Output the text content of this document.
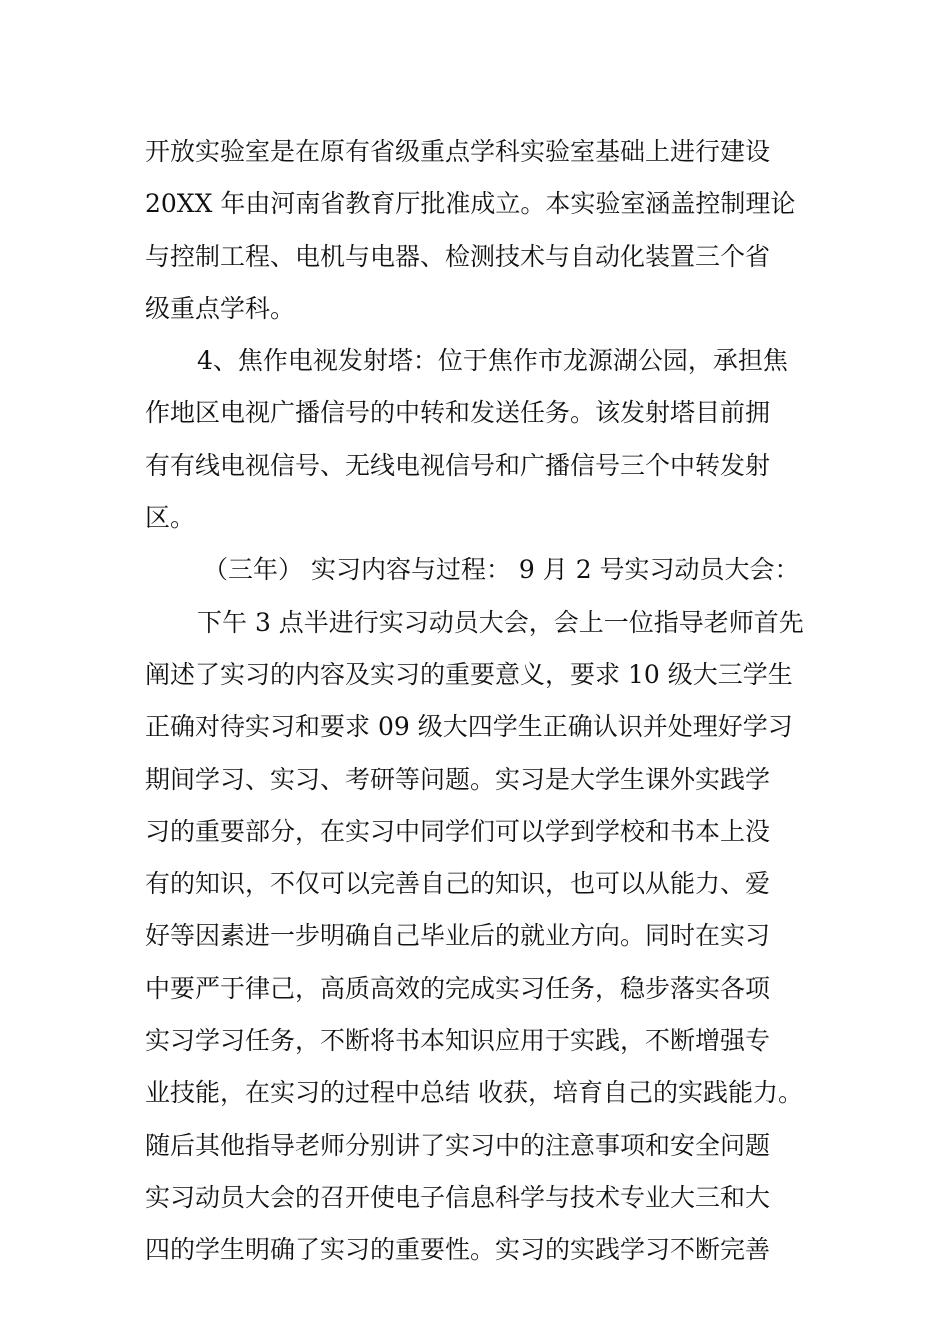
开放实验室是在原有省级重点学科实验室基础上进行建设
20XX 年由河南省教育厅批准成立。本实验室涵盖控制理论
与控制工程、电机与电器、检测技术与自动化装置三个省
级重点学科。
4、焦作电视发射塔：位于焦作市龙源湖公园，承担焦
作地区电视广播信号的中转和发送任务。该发射塔目前拥
有有线电视信号、无线电视信号和广播信号三个中转发射
区。
（三年） 实习内容与过程： 9 月 2 号实习动员大会：
下午 3 点半进行实习动员大会，会上一位指导老师首先
阐述了实习的内容及实习的重要意义，要求 10 级大三学生
正确对待实习和要求 09 级大四学生正确认识并处理好学习
期间学习、实习、考研等问题。实习是大学生课外实践学
习的重要部分，在实习中同学们可以学到学校和书本上没
有的知识，不仅可以完善自己的知识，也可以从能力、爱
好等因素进一步明确自己毕业后的就业方向。同时在实习
中要严于律己，高质高效的完成实习任务，稳步落实各项
实习学习任务，不断将书本知识应用于实践，不断增强专
业技能，在实习的过程中总结 收获，培育自己的实践能力。
随后其他指导老师分别讲了实习中的注意事项和安全问题
实习动员大会的召开使电子信息科学与技术专业大三和大
四的学生明确了实习的重要性。实习的实践学习不断完善
